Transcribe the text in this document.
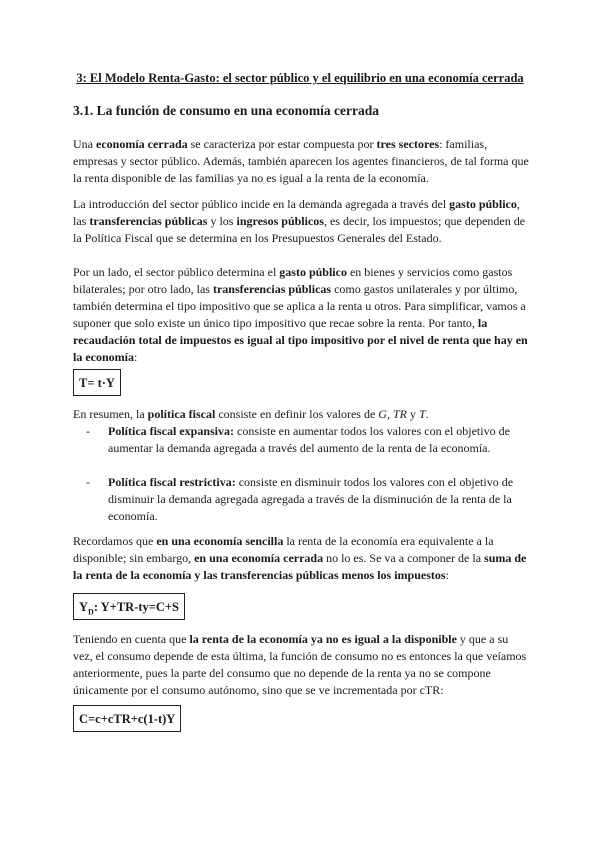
3: El Modelo Renta-Gasto: el sector público y el equilibrio en una economía cerrada
3.1. La función de consumo en una economía cerrada

Una economía cerrada se caracteriza por estar compuesta por tres sectores: familias, empresas y sector público. Además, también aparecen los agentes financieros, de tal forma que la renta disponible de las familias ya no es igual a la renta de la economía.

La introducción del sector público incide en la demanda agregada a través del gasto público, las transferencias públicas y los ingresos públicos, es decir, los impuestos; que dependen de la Política Fiscal que se determina en los Presupuestos Generales del Estado.

Por un lado, el sector público determina el gasto público en bienes y servicios como gastos bilaterales; por otro lado, las transferencias públicas como gastos unilaterales y por último, también determina el tipo impositivo que se aplica a la renta u otros. Para simplificar, vamos a suponer que solo existe un único tipo impositivo que recae sobre la renta. Por tanto, la recaudación total de impuestos es igual al tipo impositivo por el nivel de renta que hay en la economía:

T= t·Y

En resumen, la política fiscal consiste en definir los valores de G, TR y T.

- Política fiscal expansiva: consiste en aumentar todos los valores con el objetivo de aumentar la demanda agregada a través del aumento de la renta de la economía.
- Política fiscal restrictiva: consiste en disminuir todos los valores con el objetivo de disminuir la demanda agregada agregada a través de la disminución de la renta de la economía.

Recordamos que en una economía sencilla la renta de la economía era equivalente a la disponible; sin embargo, en una economía cerrada no lo es. Se va a componer de la suma de la renta de la economía y las transferencias públicas menos los impuestos:

$Y_D$: Y+TR-ty=C+S

Teniendo en cuenta que la renta de la economía ya no es igual a la disponible y que a su vez, el consumo depende de esta última, la función de consumo no es entonces la que veíamos anteriormente, pues la parte del consumo que no depende de la renta ya no se compone únicamente por el consumo autónomo, sino que se ve incrementada por cTR:

C=c+cTR+c(1-t)Y
